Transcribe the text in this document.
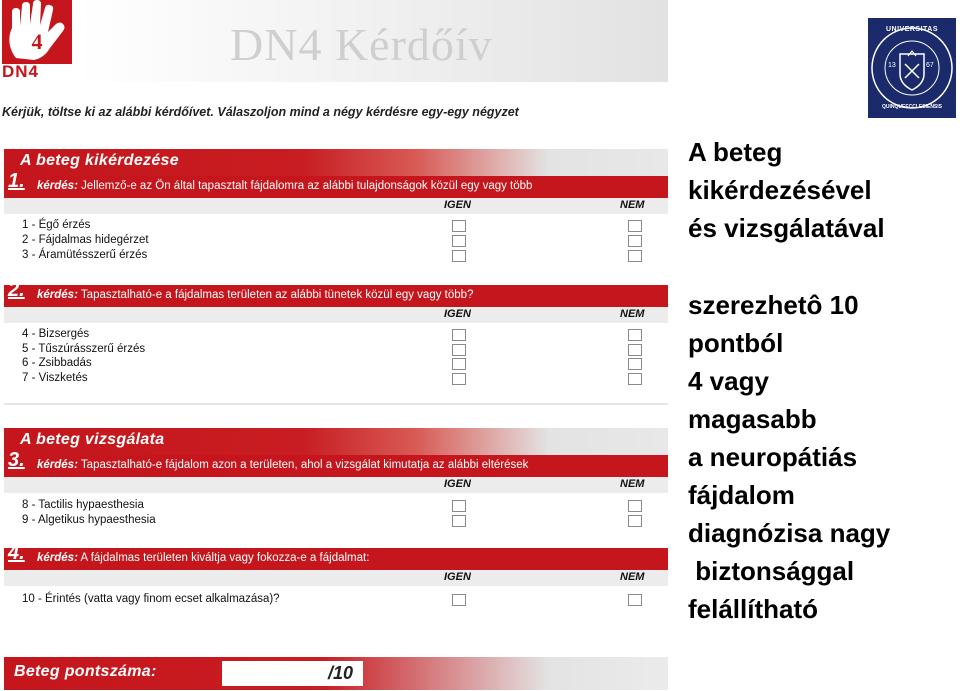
4
DN4
DN4 Kérdőív
Kérjük, töltse ki az alábbi kérdőívet. Válaszoljon mind a négy kérdésre egy-egy négyzet
A beteg kikérdezése
1. kérdés: Jellemző-e az Ön által tapasztalt fájdalomra az alábbi tulajdonságok közül egy vagy több
IGEN	NEM
1 - Égő érzés
2 - Fájdalmas hidegérzet
3 - Áramütésszerű érzés
2. kérdés: Tapasztalható-e a fájdalmas területen az alábbi tünetek közül egy vagy több?
IGEN	NEM
4 - Bizsergés
5 - Tűszúrásszerű érzés
6 - Zsibbadás
7 - Viszketés
A beteg vizsgálata
3. kérdés: Tapasztalható-e fájdalom azon a területen, ahol a vizsgálat kimutatja az alábbi eltérések
IGEN	NEM
8 - Tactilis hypaesthesia
9 - Algetikus hypaesthesia
4. kérdés: A fájdalmas területen kiváltja vagy fokozza-e a fájdalmat:
IGEN	NEM
10 - Érintés (vatta vagy finom ecset alkalmazása)?
Beteg pontszáma:	/10
UNIVERSITAS
13	67
QUINQUEECCLESIENSIS
A beteg
kikérdezésével
és vizsgálatával
szerezhetô 10
pontból
4 vagy
magasabb
a neuropátiás
fájdalom
diagnózisa nagy
biztonsággal
felállítható
